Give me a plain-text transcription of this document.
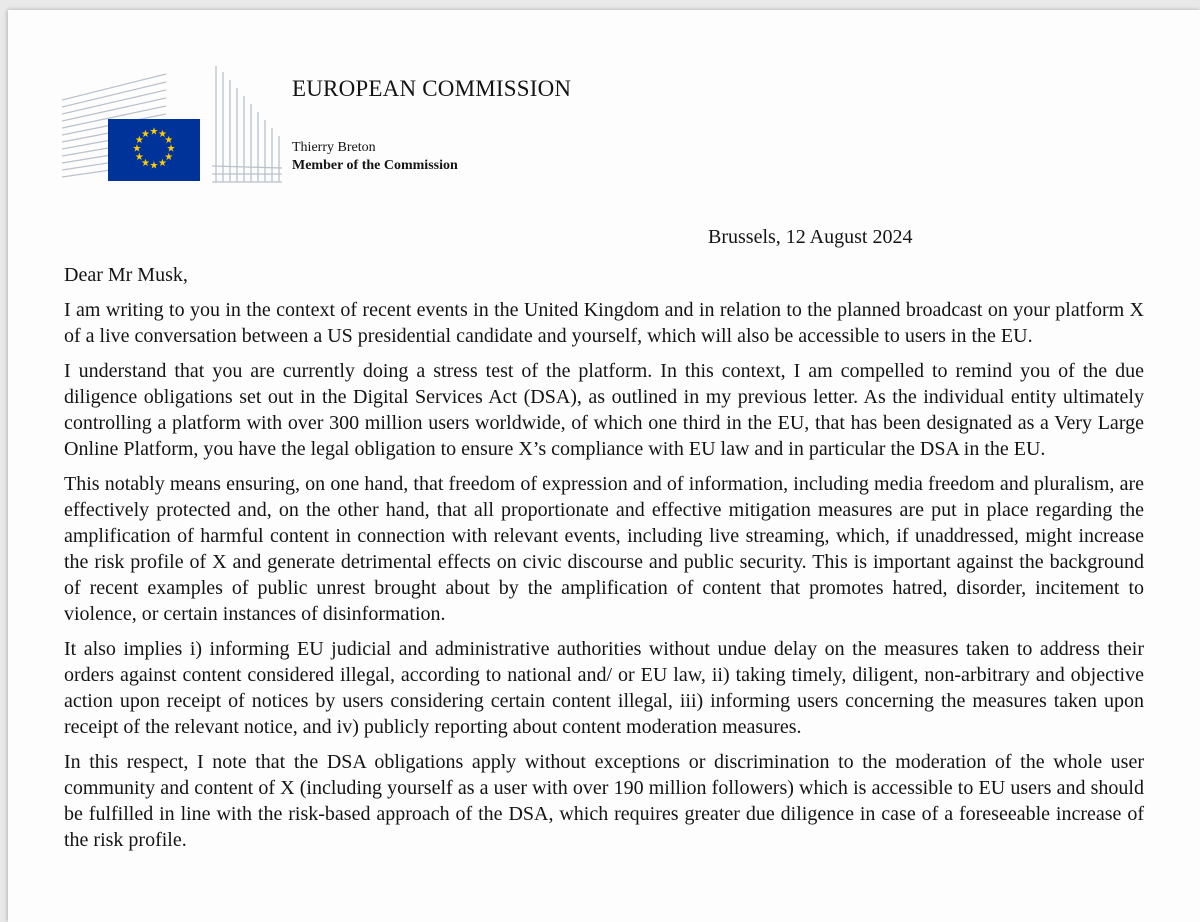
★ ★
★
★
★
★
★
★
★
★
★
★
EUROPEAN COMMISSION
Thierry Breton
Member of the Commission
Brussels, 12 August 2024
Dear Mr Musk,

I am writing to you in the context of recent events in the United Kingdom and in relation to the planned broadcast on your platform X of a live conversation between a US presidential candidate and yourself, which will also be accessible to users in the EU.

I understand that you are currently doing a stress test of the platform. In this context, I am compelled to remind you of the due diligence obligations set out in the Digital Services Act (DSA), as outlined in my previous letter. As the individual entity ultimately controlling a platform with over 300 million users worldwide, of which one third in the EU, that has been designated as a Very Large Online Platform, you have the legal obligation to ensure X’s compliance with EU law and in particular the DSA in the EU.

This notably means ensuring, on one hand, that freedom of expression and of information, including media freedom and pluralism, are effectively protected and, on the other hand, that all proportionate and effective mitigation measures are put in place regarding the amplification of harmful content in connection with relevant events, including live streaming, which, if unaddressed, might increase the risk profile of X and generate detrimental effects on civic discourse and public security. This is important against the background of recent examples of public unrest brought about by the amplification of content that promotes hatred, disorder, incitement to violence, or certain instances of disinformation.

It also implies i) informing EU judicial and administrative authorities without undue delay on the measures taken to address their orders against content considered illegal, according to national and/ or EU law, ii) taking timely, diligent, non-arbitrary and objective action upon receipt of notices by users considering certain content illegal, iii) informing users concerning the measures taken upon receipt of the relevant notice, and iv) publicly reporting about content moderation measures.

In this respect, I note that the DSA obligations apply without exceptions or discrimination to the moderation of the whole user community and content of X (including yourself as a user with over 190 million followers) which is accessible to EU users and should be fulfilled in line with the risk-based approach of the DSA, which requires greater due diligence in case of a foreseeable increase of the risk profile.
